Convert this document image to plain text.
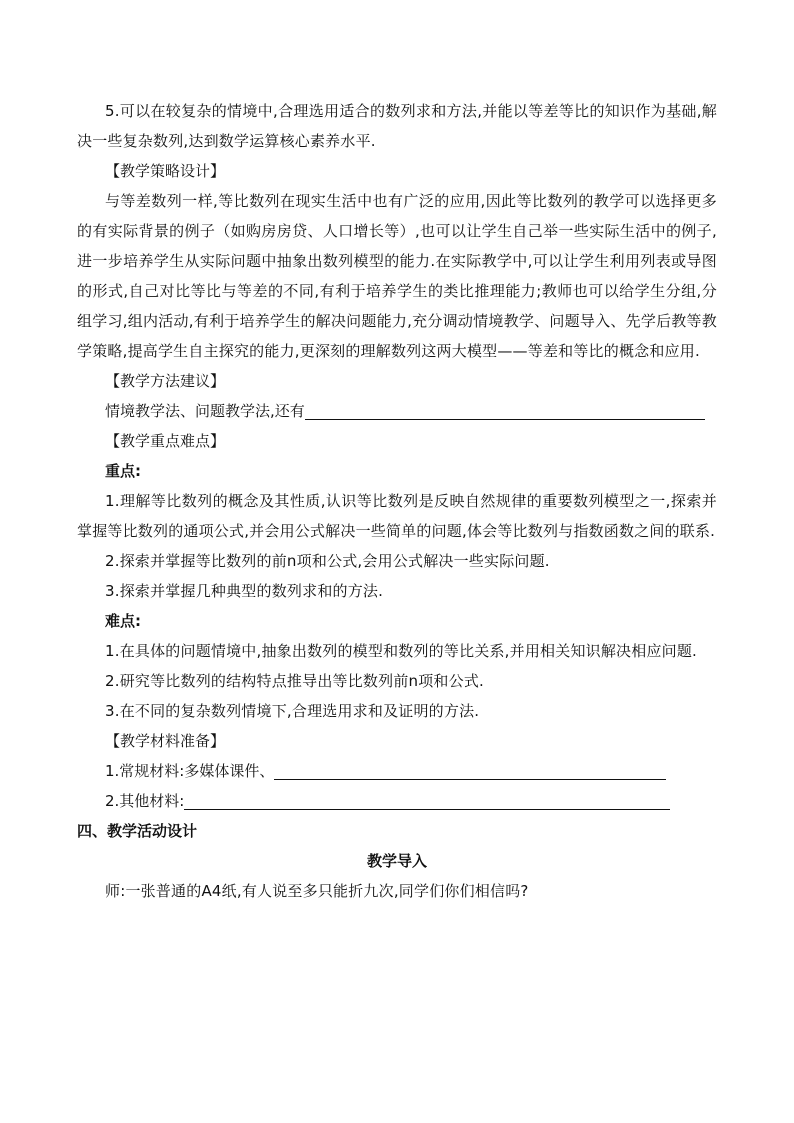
5.可以在较复杂的情境中,合理选用适合的数列求和方法,并能以等差等比的知识作为基础,解决一些复杂数列,达到数学运算核心素养水平.

【教学策略设计】

与等差数列一样,等比数列在现实生活中也有广泛的应用,因此等比数列的教学可以选择更多的有实际背景的例子（如购房房贷、人口增长等）,也可以让学生自己举一些实际生活中的例子,进一步培养学生从实际问题中抽象出数列模型的能力.在实际教学中,可以让学生利用列表或导图的形式,自己对比等比与等差的不同,有利于培养学生的类比推理能力;教师也可以给学生分组,分组学习,组内活动,有利于培养学生的解决问题能力,充分调动情境教学、问题导入、先学后教等教学策略,提高学生自主探究的能力,更深刻的理解数列这两大模型——等差和等比的概念和应用.

【教学方法建议】

情境教学法、问题教学法,还有

【教学重点难点】

重点:

1.理解等比数列的概念及其性质,认识等比数列是反映自然规律的重要数列模型之一,探索并掌握等比数列的通项公式,并会用公式解决一些简单的问题,体会等比数列与指数函数之间的联系.

2.探索并掌握等比数列的前n项和公式,会用公式解决一些实际问题.

3.探索并掌握几种典型的数列求和的方法.

难点:

1.在具体的问题情境中,抽象出数列的模型和数列的等比关系,并用相关知识解决相应问题.

2.研究等比数列的结构特点推导出等比数列前n项和公式.

3.在不同的复杂数列情境下,合理选用求和及证明的方法.

【教学材料准备】

1.常规材料:多媒体课件、

2.其他材料:

四、教学活动设计

教学导入

师:一张普通的A4纸,有人说至多只能折九次,同学们你们相信吗?
